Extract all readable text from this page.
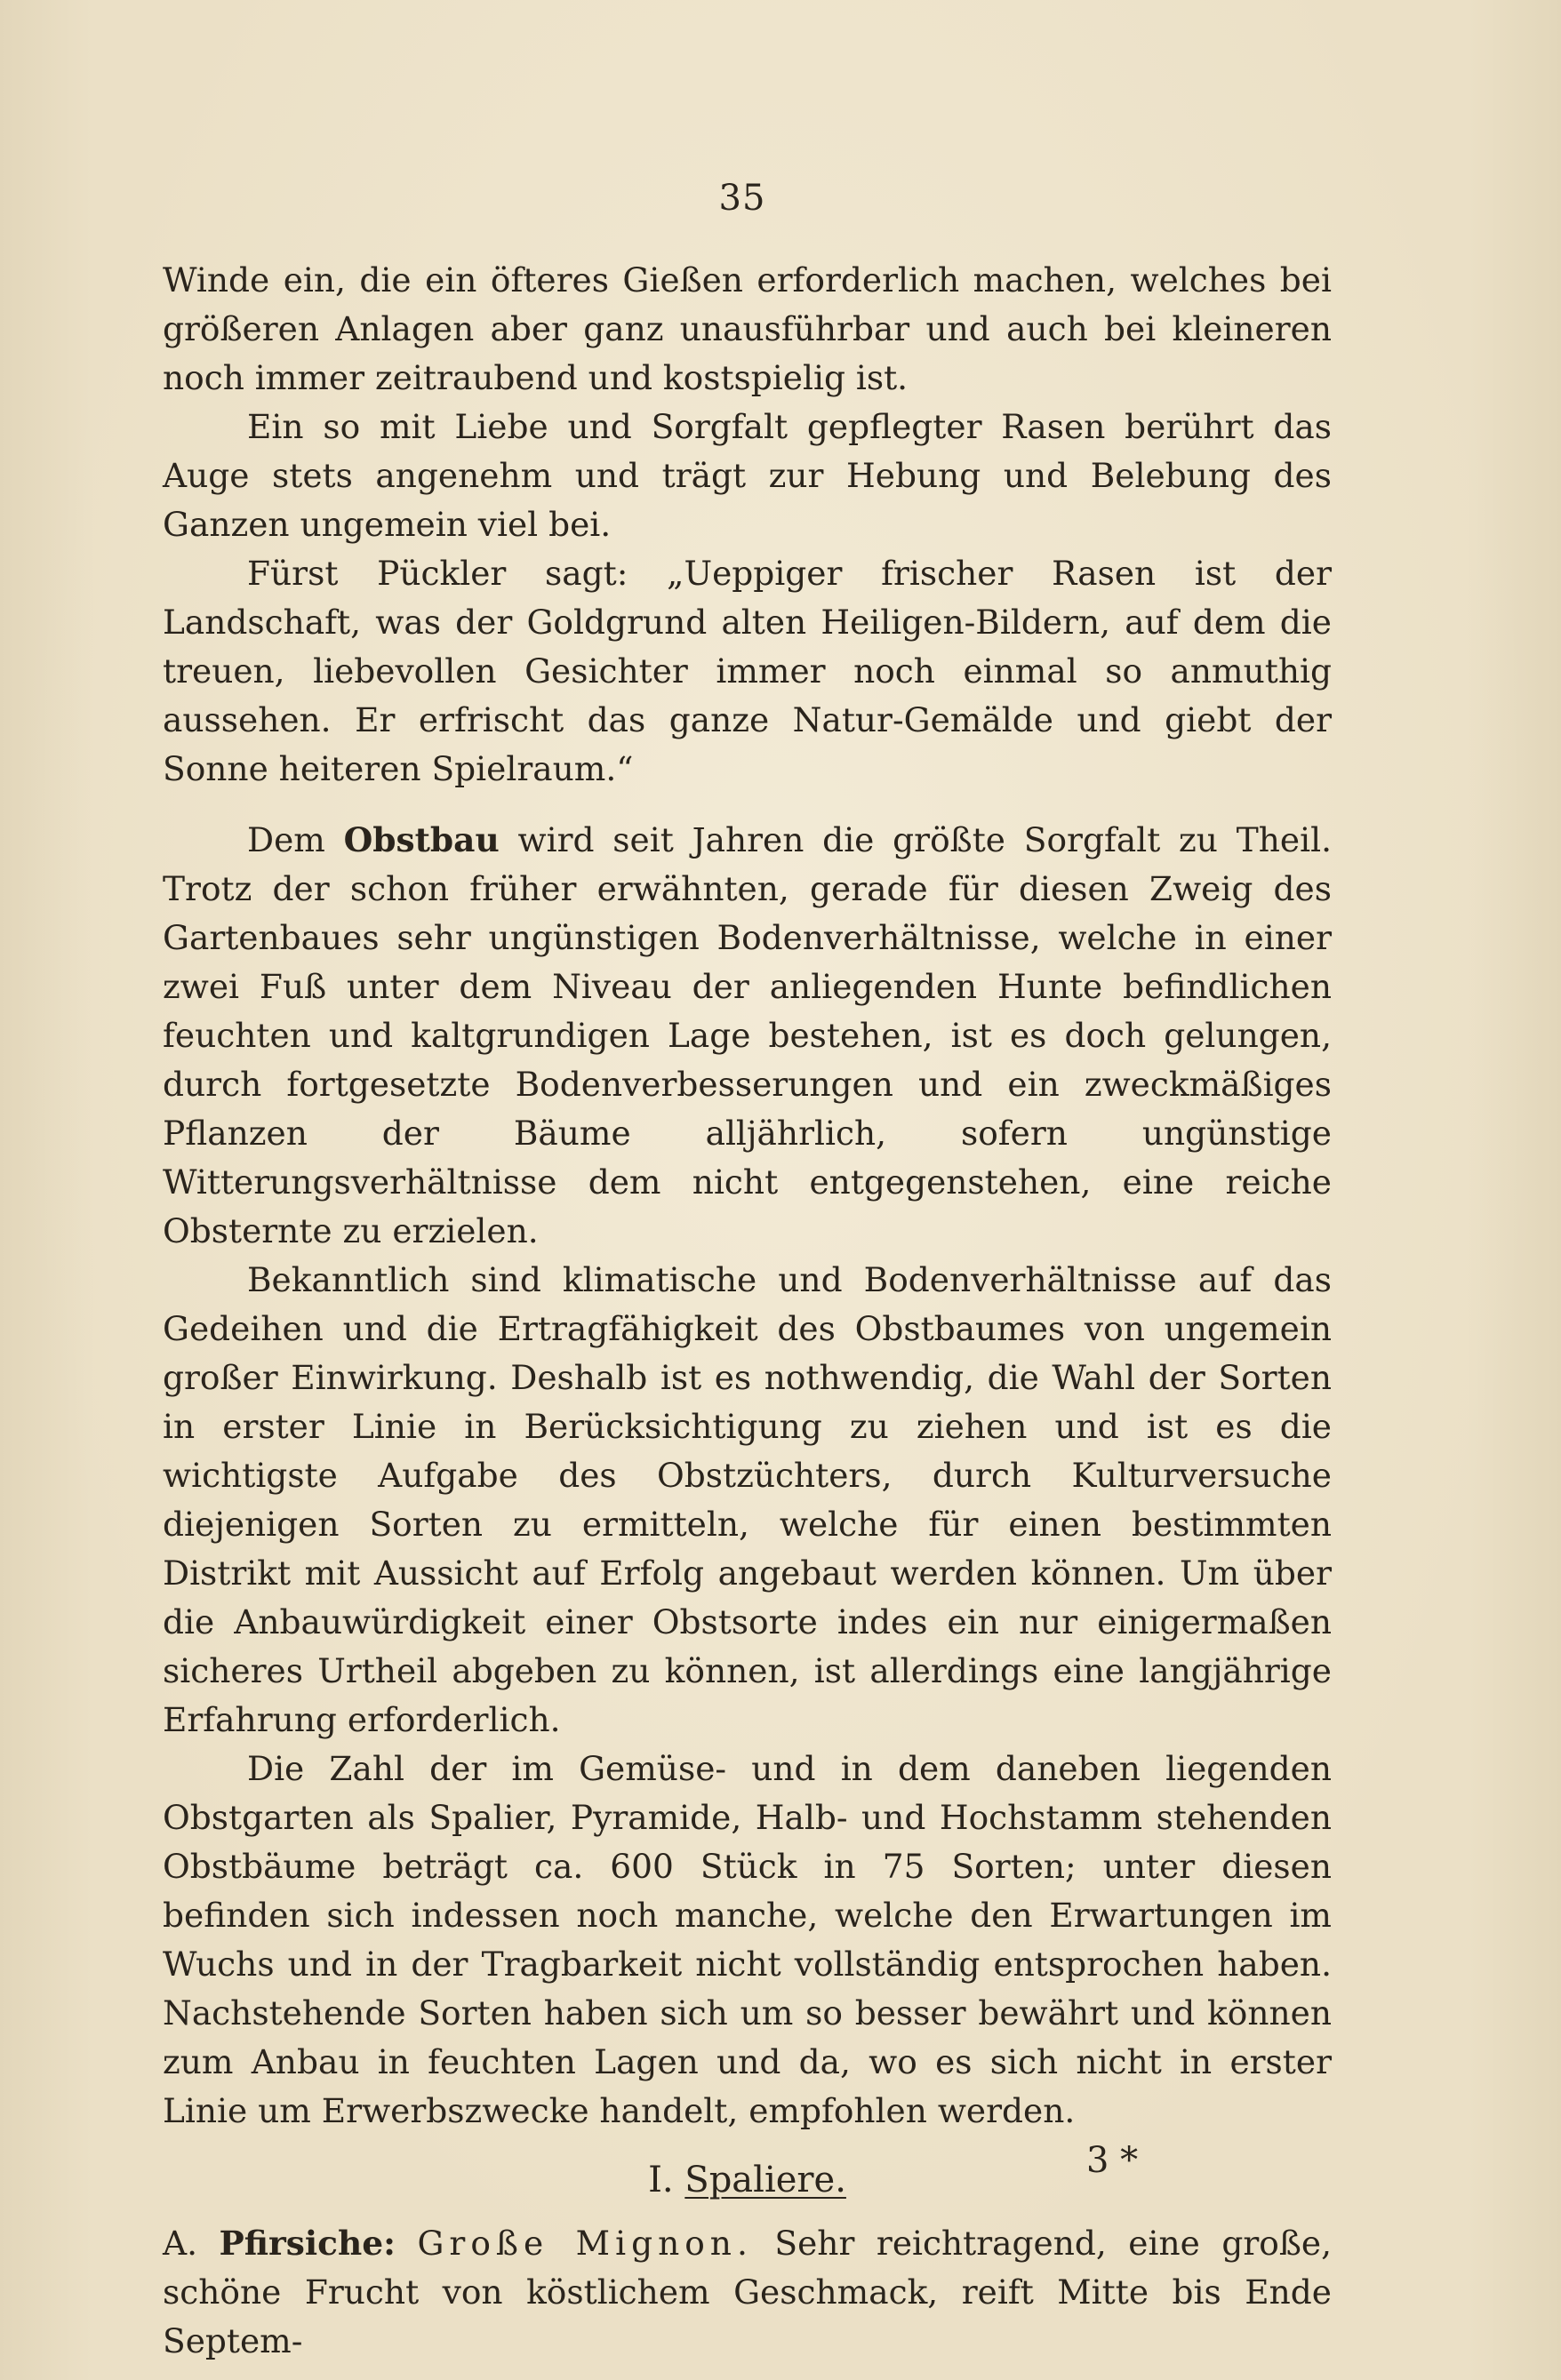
35

Winde ein, die ein öfteres Gießen erforderlich machen, welches bei größeren Anlagen aber ganz unausführbar und auch bei kleineren noch immer zeitraubend und kostspielig ist.

Ein so mit Liebe und Sorgfalt gepflegter Rasen berührt das Auge stets angenehm und trägt zur Hebung und Belebung des Ganzen ungemein viel bei.

Fürst Pückler sagt: „Ueppiger frischer Rasen ist der Landschaft, was der Goldgrund alten Heiligen-Bildern, auf dem die treuen, liebevollen Gesichter immer noch einmal so anmuthig aussehen. Er erfrischt das ganze Natur-Gemälde und giebt der Sonne heiteren Spielraum.“

Dem Obstbau wird seit Jahren die größte Sorgfalt zu Theil. Trotz der schon früher erwähnten, gerade für diesen Zweig des Gartenbaues sehr ungünstigen Bodenverhältnisse, welche in einer zwei Fuß unter dem Niveau der anliegenden Hunte befindlichen feuchten und kaltgrundigen Lage bestehen, ist es doch gelungen, durch fortgesetzte Bodenverbesserungen und ein zweckmäßiges Pflanzen der Bäume alljährlich, sofern ungünstige Witterungsverhältnisse dem nicht entgegenstehen, eine reiche Obsternte zu erzielen.

Bekanntlich sind klimatische und Bodenverhältnisse auf das Gedeihen und die Ertragfähigkeit des Obstbaumes von ungemein großer Einwirkung. Deshalb ist es nothwendig, die Wahl der Sorten in erster Linie in Berücksichtigung zu ziehen und ist es die wichtigste Aufgabe des Obstzüchters, durch Kulturversuche diejenigen Sorten zu ermitteln, welche für einen bestimmten Distrikt mit Aussicht auf Erfolg angebaut werden können. Um über die Anbauwürdigkeit einer Obstsorte indes ein nur einigermaßen sicheres Urtheil abgeben zu können, ist allerdings eine langjährige Erfahrung erforderlich.

Die Zahl der im Gemüse- und in dem daneben liegenden Obstgarten als Spalier, Pyramide, Halb- und Hochstamm stehenden Obstbäume beträgt ca. 600 Stück in 75 Sorten; unter diesen befinden sich indessen noch manche, welche den Erwartungen im Wuchs und in der Tragbarkeit nicht vollständig entsprochen haben. Nachstehende Sorten haben sich um so besser bewährt und können zum Anbau in feuchten Lagen und da, wo es sich nicht in erster Linie um Erwerbszwecke handelt, empfohlen werden.

I. Spaliere.

A. Pfirsiche: Große Mignon. Sehr reichtragend, eine große, schöne Frucht von köstlichem Geschmack, reift Mitte bis Ende Septem-

3 *
